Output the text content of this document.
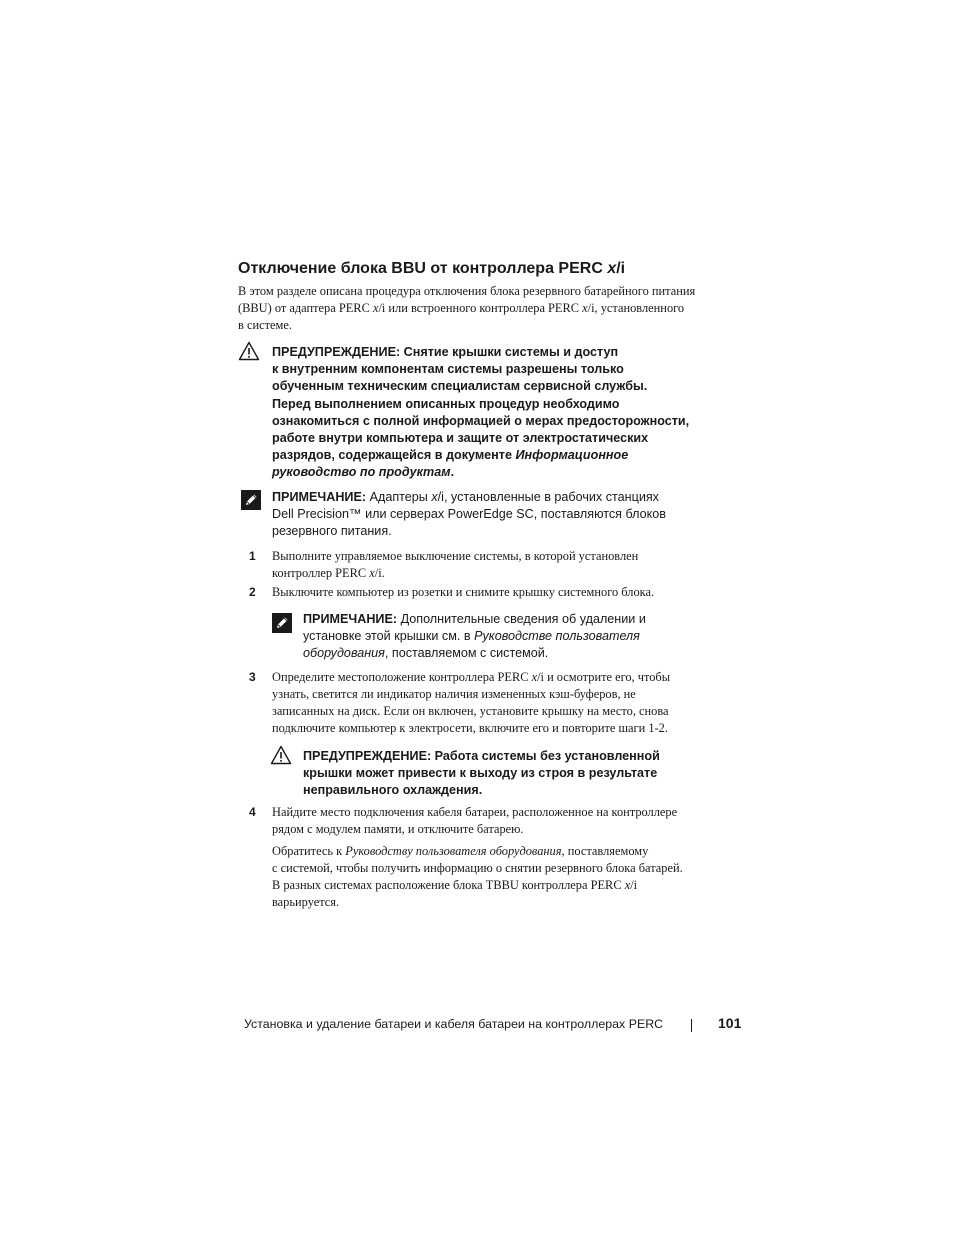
Отключение блока BBU от контроллера PERC x/i
В этом разделе описана процедура отключения блока резервного батарейного питания
(BBU) от адаптера PERC x/i или встроенного контроллера PERC x/i, установленного
в системе.
ПРЕДУПРЕЖДЕНИЕ: Снятие крышки системы и доступ
к внутренним компонентам системы разрешены только
обученным техническим специалистам сервисной службы.
Перед выполнением описанных процедур необходимо
ознакомиться с полной информацией о мерах предосторожности,
работе внутри компьютера и защите от электростатических
разрядов, содержащейся в документе Информационное
руководство по продуктам.
ПРИМЕЧАНИЕ: Адаптеры x/i, установленные в рабочих станциях
Dell Precision™ или серверах PowerEdge SC, поставляются блоков
резервного питания.
1 Выполните управляемое выключение системы, в которой установлен
контроллер PERC x/i.
2 Выключите компьютер из розетки и снимите крышку системного блока.
ПРИМЕЧАНИЕ: Дополнительные сведения об удалении и
установке этой крышки см. в Руководстве пользователя
оборудования, поставляемом с системой.
3 Определите местоположение контроллера PERC x/i и осмотрите его, чтобы
узнать, светится ли индикатор наличия измененных кэш-буферов, не
записанных на диск. Если он включен, установите крышку на место, снова
подключите компьютер к электросети, включите его и повторите шаги 1-2.
ПРЕДУПРЕЖДЕНИЕ: Работа системы без установленной
крышки может привести к выходу из строя в результате
неправильного охлаждения.
4 Найдите место подключения кабеля батареи, расположенное на контроллере
рядом с модулем памяти, и отключите батарею.
Обратитесь к Руководству пользователя оборудования, поставляемому
с системой, чтобы получить информацию о снятии резервного блока батарей.
В разных системах расположение блока TBBU контроллера PERC x/i
варьируется.
Установка и удаление батареи и кабеля батареи на контроллерах PERC	101
